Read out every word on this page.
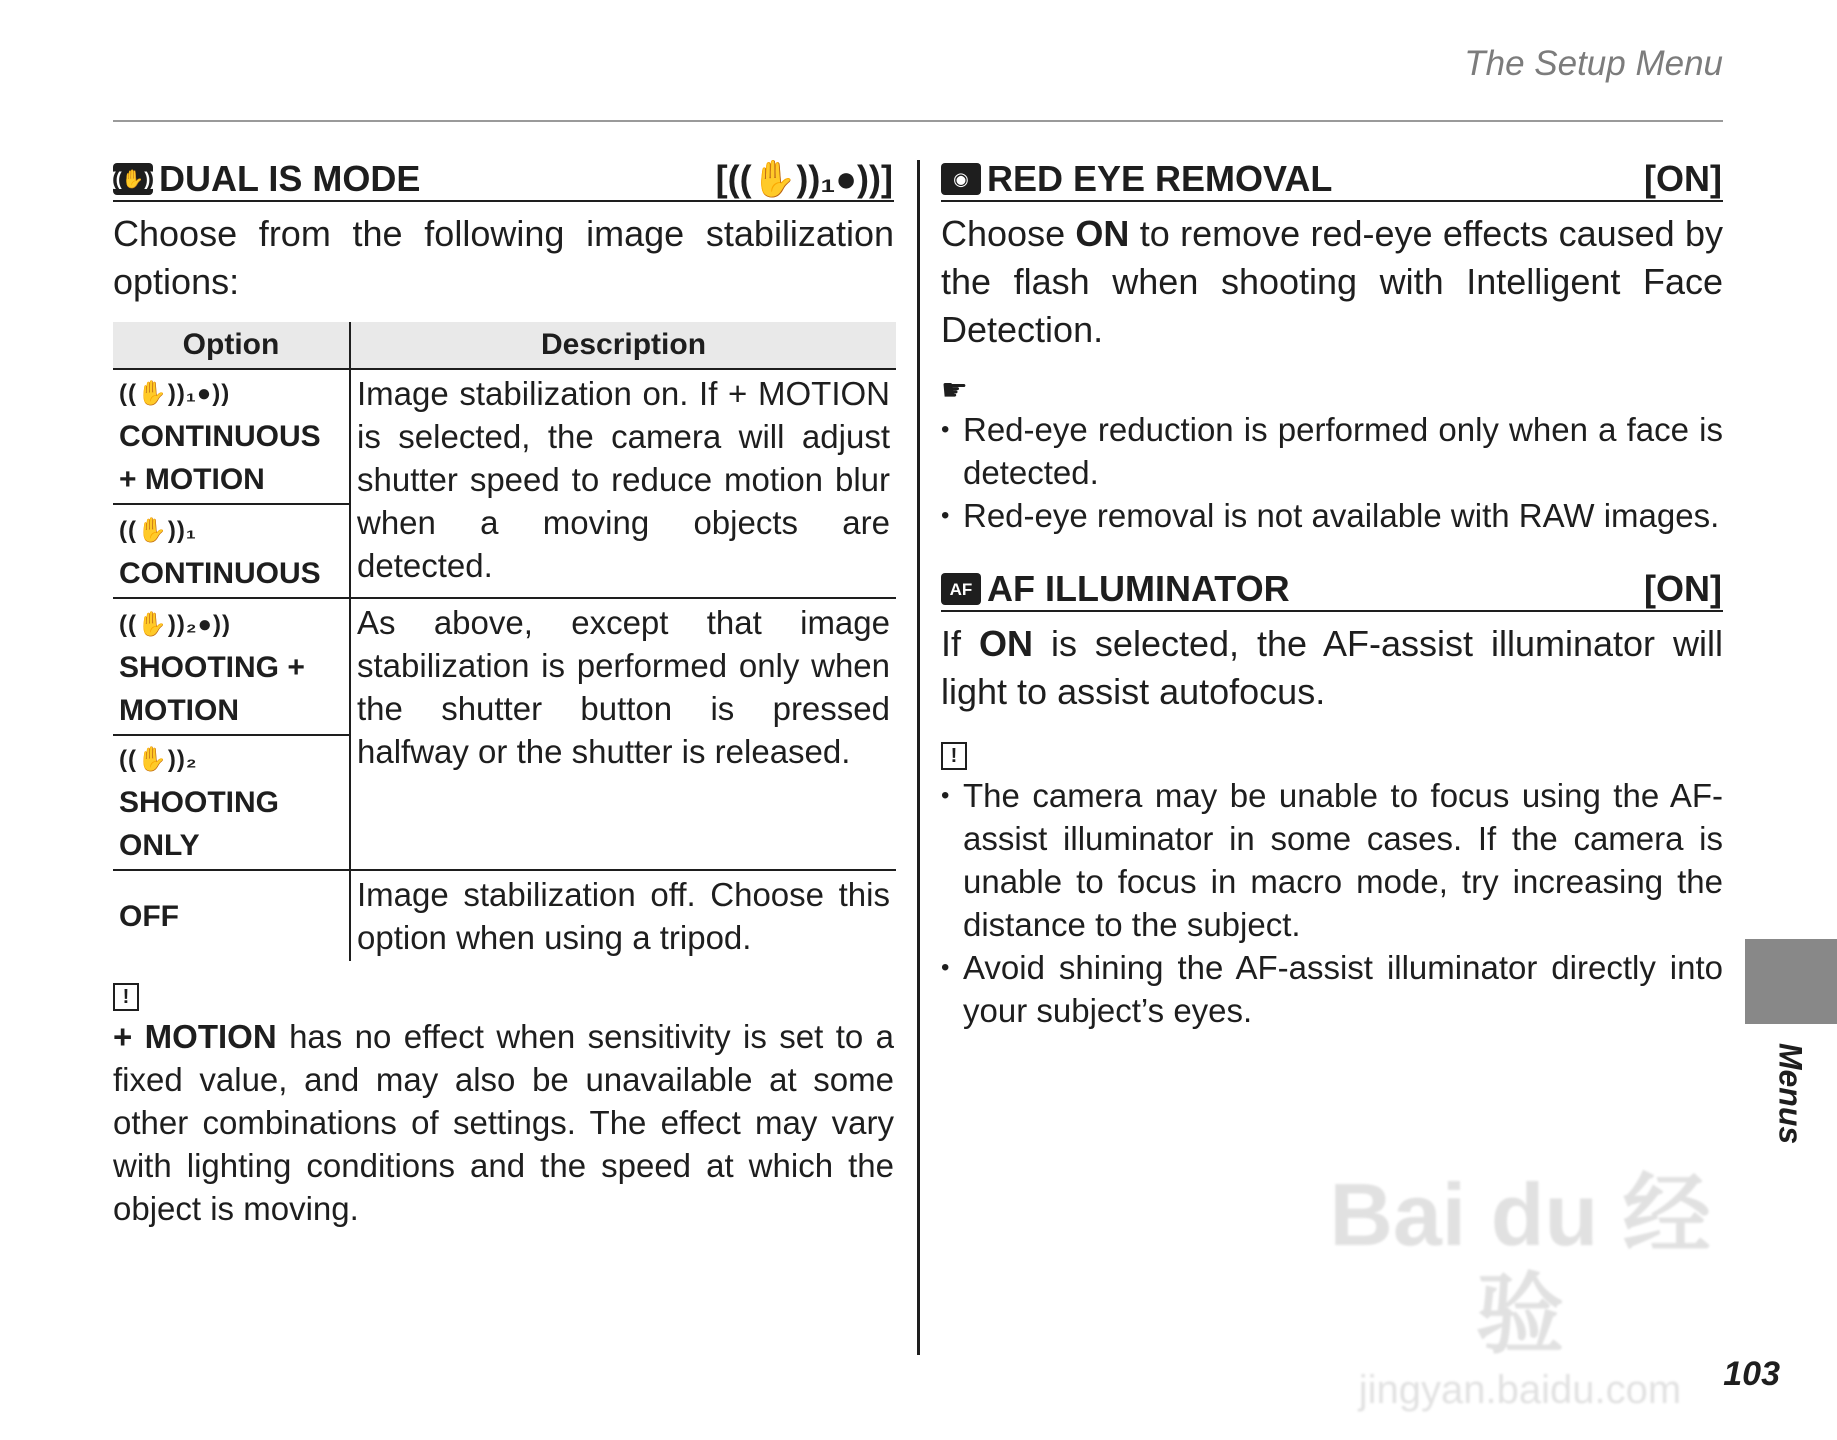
The Setup Menu
((✋)) DUAL IS MODE	[((✋))₁●))]

Choose from the following image stabilization options:

Option	Description

((✋))₁●))
CONTINUOUS + MOTION	Image stabilization on. If + MOTION is selected, the camera will adjust shutter speed to reduce motion blur when a moving objects are detected.
((✋))₁ CONTINUOUS	
((✋))₂●)) SHOOTING + MOTION	As above, except that image stabilization is performed only when the shutter button is pressed halfway or the shutter is released.

((✋))₂
SHOOTING ONLY	

OFF	Image stabilization off. Choose this option when using a tripod.
!

+ MOTION has no effect when sensitivity is set to a fixed value, and may also be unavailable at some other combinations of settings. The effect may vary with lighting conditions and the speed at which the object is moving.

◉ RED EYE REMOVAL	[ON]

Choose ON to remove red-eye effects caused by the flash when shooting with Intelligent Face Detection.

☛
• Red-eye reduction is performed only when a face is detected.
• Red-eye removal is not available with RAW images.
AF AF ILLUMINATOR	[ON]

If ON is selected, the AF-assist illuminator will light to assist autofocus.

!
• The camera may be unable to focus using the AF-assist illuminator in some cases. If the camera is unable to focus in macro mode, try increasing the distance to the subject.
• Avoid shining the AF-assist illuminator directly into your subject’s eyes.
Menus
Bai du 经验
jingyan.baidu.com	103
